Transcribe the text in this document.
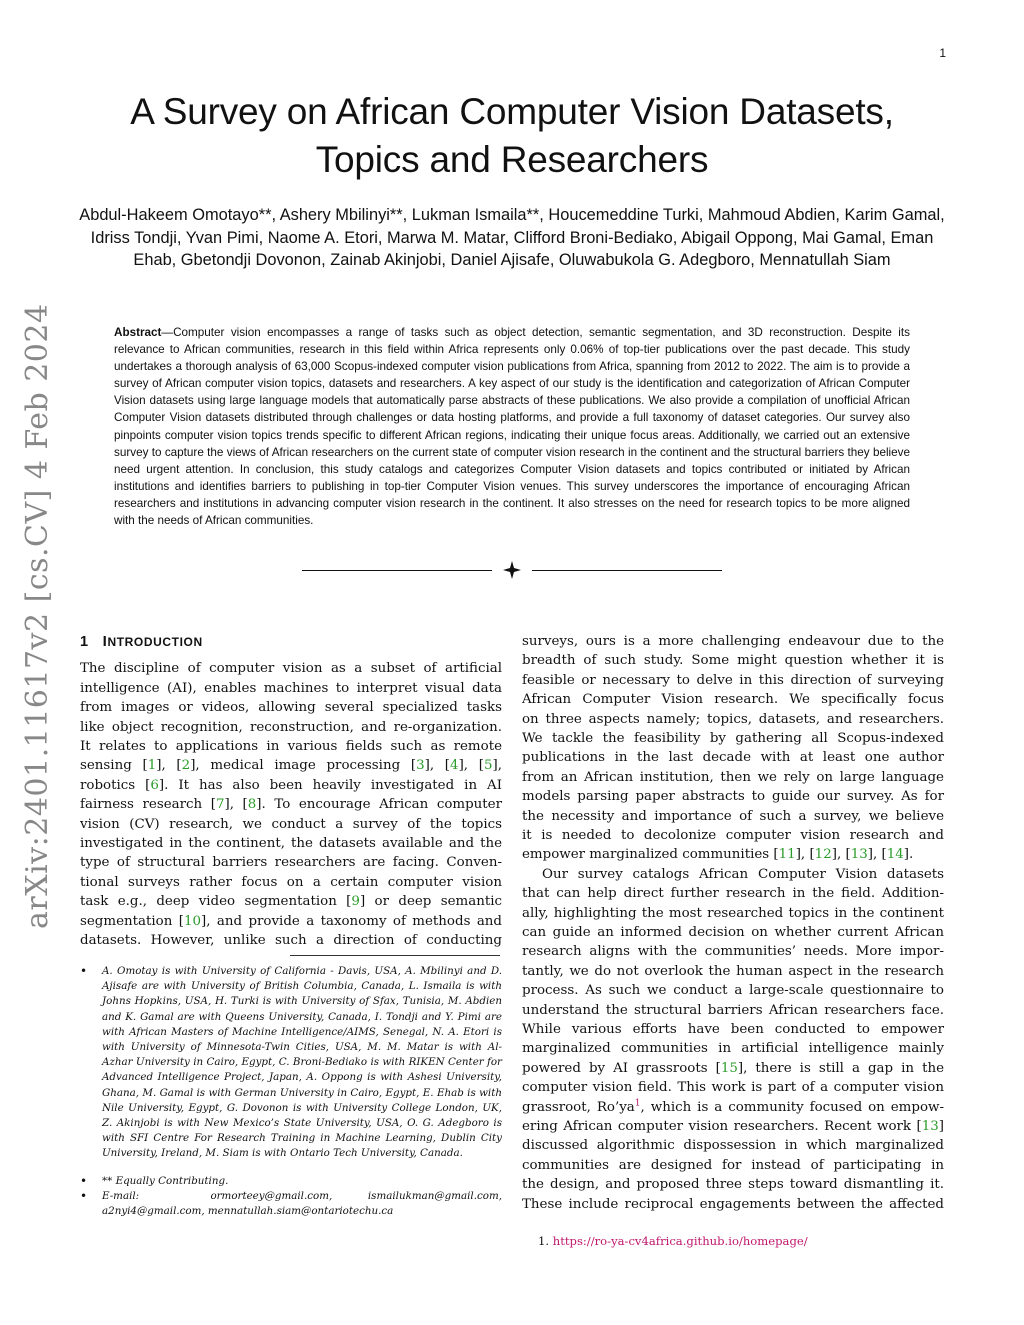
1
A Survey on African Computer Vision Datasets,
Topics and Researchers
Abdul-Hakeem Omotayo**, Ashery Mbilinyi**, Lukman Ismaila**, Houcemeddine Turki, Mahmoud Abdien, Karim Gamal, Idriss Tondji, Yvan Pimi, Naome A. Etori, Marwa M. Matar, Clifford Broni-Bediako, Abigail Oppong, Mai Gamal, Eman Ehab, Gbetondji Dovonon, Zainab Akinjobi, Daniel Ajisafe, Oluwabukola G. Adegboro, Mennatullah Siam
Abstract—Computer vision encompasses a range of tasks such as object detection, semantic segmentation, and 3D reconstruction. Despite its relevance to African communities, research in this field within Africa represents only 0.06% of top-tier publications over the past decade. This study undertakes a thorough analysis of 63,000 Scopus-indexed computer vision publications from Africa, spanning from 2012 to 2022. The aim is to provide a survey of African computer vision topics, datasets and researchers. A key aspect of our study is the identification and categorization of African Computer Vision datasets using large language models that automatically parse abstracts of these publications. We also provide a compilation of unofficial African Computer Vision datasets distributed through challenges or data hosting platforms, and provide a full taxonomy of dataset categories. Our survey also pinpoints computer vision topics trends specific to different African regions, indicating their unique focus areas. Additionally, we carried out an extensive survey to capture the views of African researchers on the current state of computer vision research in the continent and the structural barriers they believe need urgent attention. In conclusion, this study catalogs and categorizes Computer Vision datasets and topics contributed or initiated by African institutions and identifies barriers to publishing in top-tier Computer Vision venues. This survey underscores the importance of encouraging African researchers and institutions in advancing computer vision research in the continent. It also stresses on the need for research topics to be more aligned with the needs of African communities.
arXiv:2401.11617v2 [cs.CV] 4 Feb 2024 1 INTRODUCTION
The discipline of computer vision as a subset of artificial
intelligence (AI), enables machines to interpret visual data
from images or videos, allowing several specialized tasks
like object recognition, reconstruction, and re-organization.
It relates to applications in various fields such as remote
sensing [1], [2], medical image processing [3], [4], [5],
robotics [6]. It has also been heavily investigated in AI
fairness research [7], [8]. To encourage African computer
vision (CV) research, we conduct a survey of the topics
investigated in the continent, the datasets available and the
type of structural barriers researchers are facing. Conven-
tional surveys rather focus on a certain computer vision
task e.g., deep video segmentation [9] or deep semantic
segmentation [10], and provide a taxonomy of methods and
datasets. However, unlike such a direction of conducting
• A. Omotay is with University of California - Davis, USA, A. Mbilinyi and D. Ajisafe are with University of British Columbia, Canada, L. Ismaila is with Johns Hopkins, USA, H. Turki is with University of Sfax, Tunisia, M. Abdien and K. Gamal are with Queens University, Canada, I. Tondji and Y. Pimi are with African Masters of Machine Intelligence/AIMS, Senegal, N. A. Etori is with University of Minnesota-Twin Cities, USA, M. M. Matar is with Al-Azhar University in Cairo, Egypt, C. Broni-Bediako is with RIKEN Center for Advanced Intelligence Project, Japan, A. Oppong is with Ashesi University, Ghana, M. Gamal is with German University in Cairo, Egypt, E. Ehab is with Nile University, Egypt, G. Dovonon is with University College London, UK, Z. Akinjobi is with New Mexico’s State University, USA, O. G. Adegboro is with SFI Centre For Research Training in Machine Learning, Dublin City University, Ireland, M. Siam is with Ontario Tech University, Canada.
• ** Equally Contributing.
• E-mail:	ormorteey@gmail.com, ismailukman@gmail.com, a2nyi4@gmail.com, mennatullah.siam@ontariotechu.ca
surveys, ours is a more challenging endeavour due to the
breadth of such study. Some might question whether it is
feasible or necessary to delve in this direction of surveying
African Computer Vision research. We specifically focus
on three aspects namely; topics, datasets, and researchers.
We tackle the feasibility by gathering all Scopus-indexed
publications in the last decade with at least one author
from an African institution, then we rely on large language
models parsing paper abstracts to guide our survey. As for
the necessity and importance of such a survey, we believe
it is needed to decolonize computer vision research and
empower marginalized communities [11], [12], [13], [14].
Our survey catalogs African Computer Vision datasets
that can help direct further research in the field. Addition-
ally, highlighting the most researched topics in the continent
can guide an informed decision on whether current African
research aligns with the communities’ needs. More impor-
tantly, we do not overlook the human aspect in the research
process. As such we conduct a large-scale questionnaire to
understand the structural barriers African researchers face.
While various efforts have been conducted to empower
marginalized communities in artificial intelligence mainly
powered by AI grassroots [15], there is still a gap in the
computer vision field. This work is part of a computer vision
grassroot, $Ro’ya^1$, which is a community focused on empow-
ering African computer vision researchers. Recent work [13]
discussed algorithmic dispossession in which marginalized
communities are designed for instead of participating in
the design, and proposed three steps toward dismantling it.
These include reciprocal engagements between the affected
1. https://ro-ya-cv4africa.github.io/homepage/
